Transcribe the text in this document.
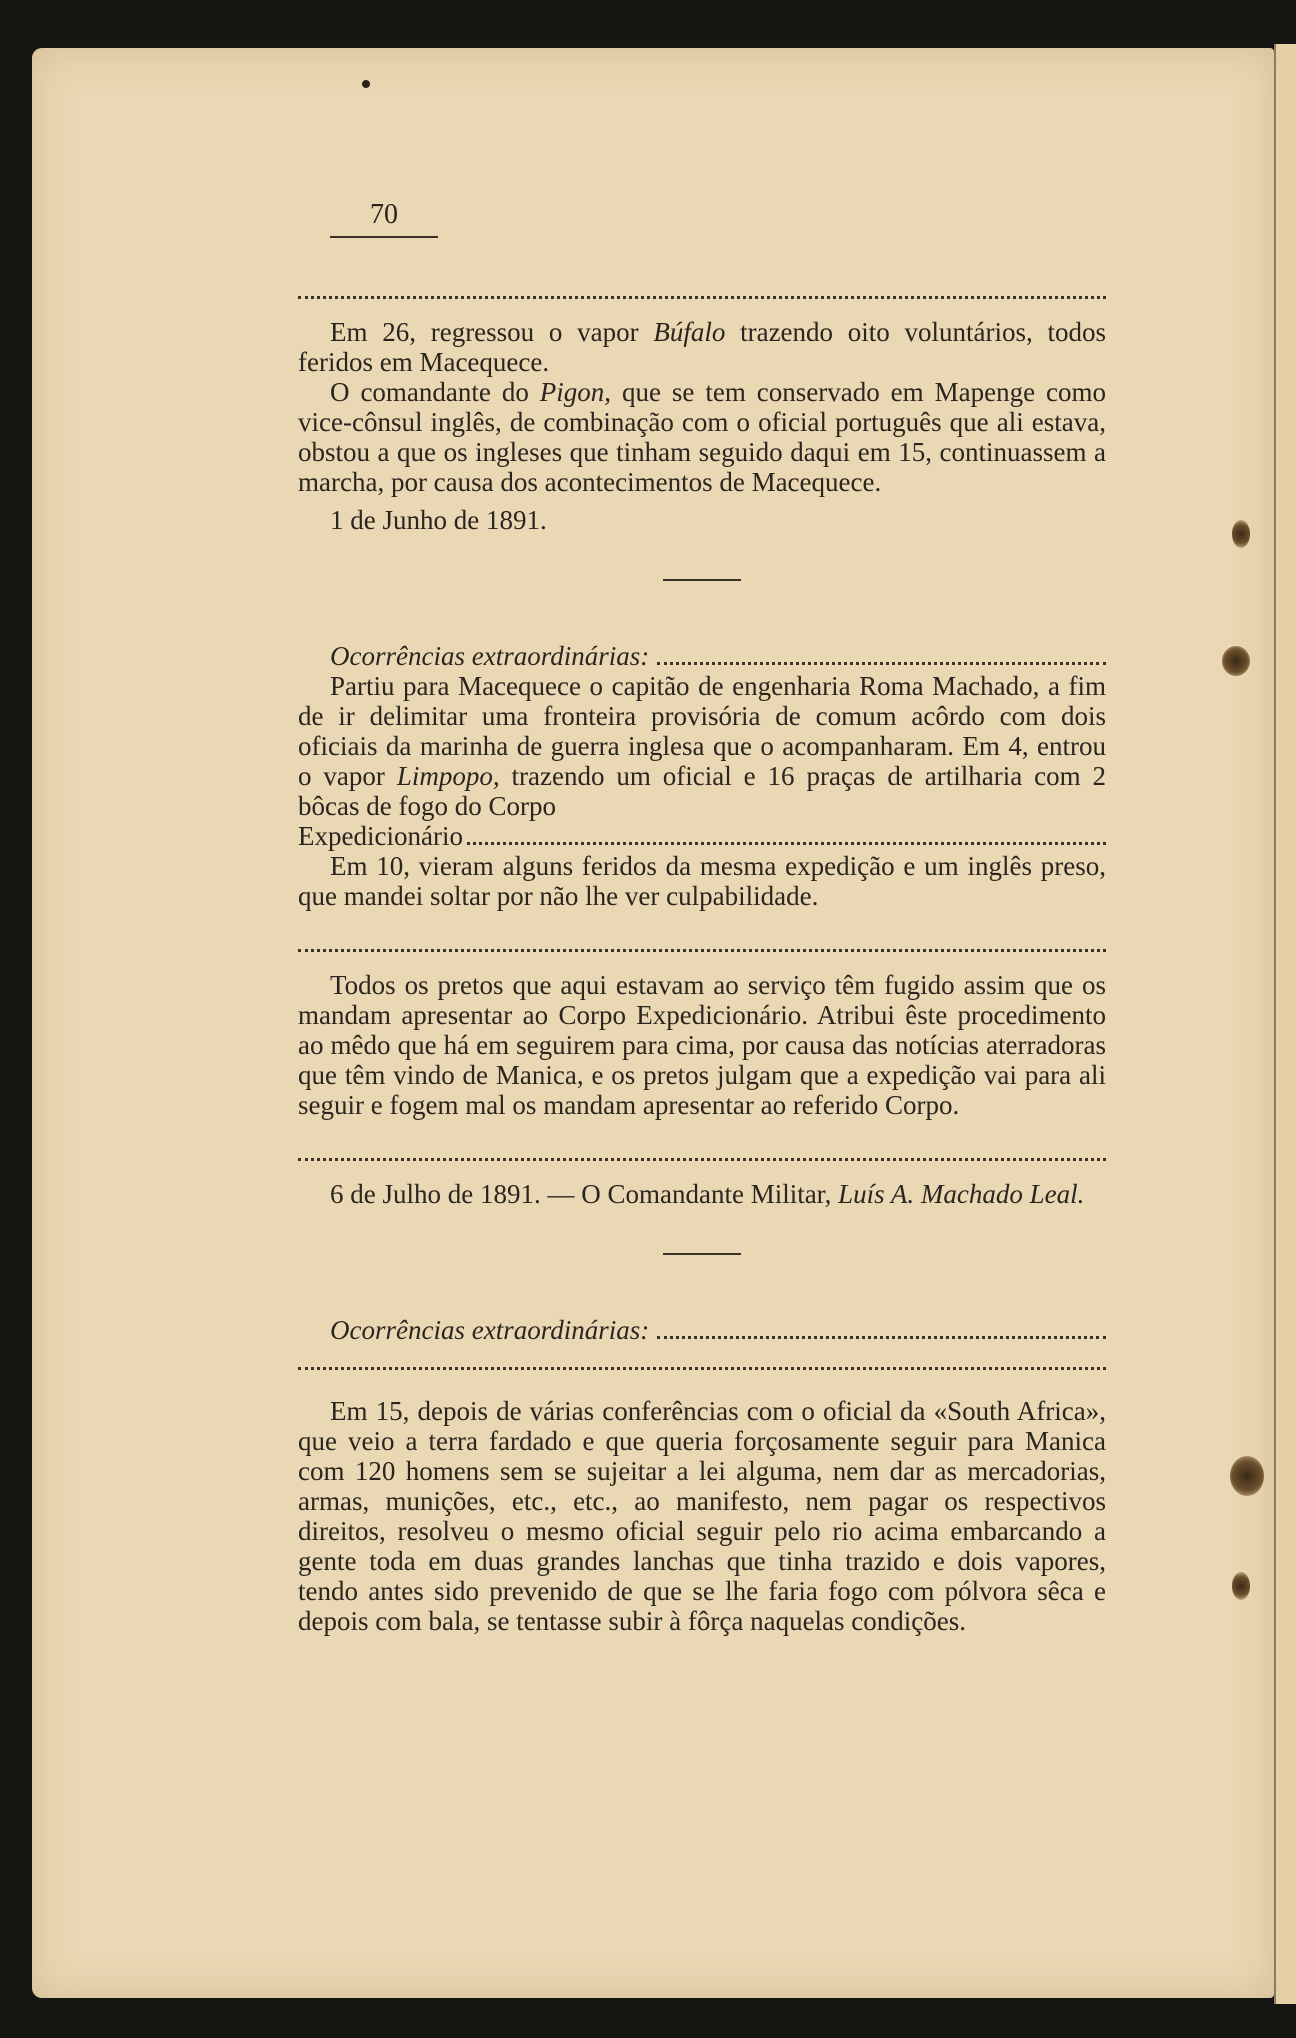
70

Em 26, regressou o vapor Búfalo trazendo oito voluntários, todos feridos em Macequece.

O comandante do Pigon, que se tem conservado em Mapenge como vice-cônsul inglês, de combinação com o oficial português que ali estava, obstou a que os ingleses que tinham seguido daqui em 15, continuassem a marcha, por causa dos acontecimentos de Macequece.

1 de Junho de 1891.

Ocorrências extraordinárias:

Partiu para Macequece o capitão de engenharia Roma Machado, a fim de ir delimitar uma fronteira provisória de comum acôrdo com dois oficiais da marinha de guerra inglesa que o acompanharam. Em 4, entrou o vapor Limpopo, trazendo um oficial e 16 praças de artilharia com 2 bôcas de fogo do Corpo

Expedicionário

Em 10, vieram alguns feridos da mesma expedição e um inglês preso, que mandei soltar por não lhe ver culpabilidade.

Todos os pretos que aqui estavam ao serviço têm fugido assim que os mandam apresentar ao Corpo Expedicionário. Atribui êste procedimento ao mêdo que há em seguirem para cima, por causa das notícias aterradoras que têm vindo de Manica, e os pretos julgam que a expedição vai para ali seguir e fogem mal os mandam apresentar ao referido Corpo.

6 de Julho de 1891. — O Comandante Militar, Luís A. Machado Leal.

Ocorrências extraordinárias:

Em 15, depois de várias conferências com o oficial da «South Africa», que veio a terra fardado e que queria forçosamente seguir para Manica com 120 homens sem se sujeitar a lei alguma, nem dar as mercadorias, armas, munições, etc., etc., ao manifesto, nem pagar os respectivos direitos, resolveu o mesmo oficial seguir pelo rio acima embarcando a gente toda em duas grandes lanchas que tinha trazido e dois vapores, tendo antes sido prevenido de que se lhe faria fogo com pólvora sêca e depois com bala, se tentasse subir à fôrça naquelas condições.
